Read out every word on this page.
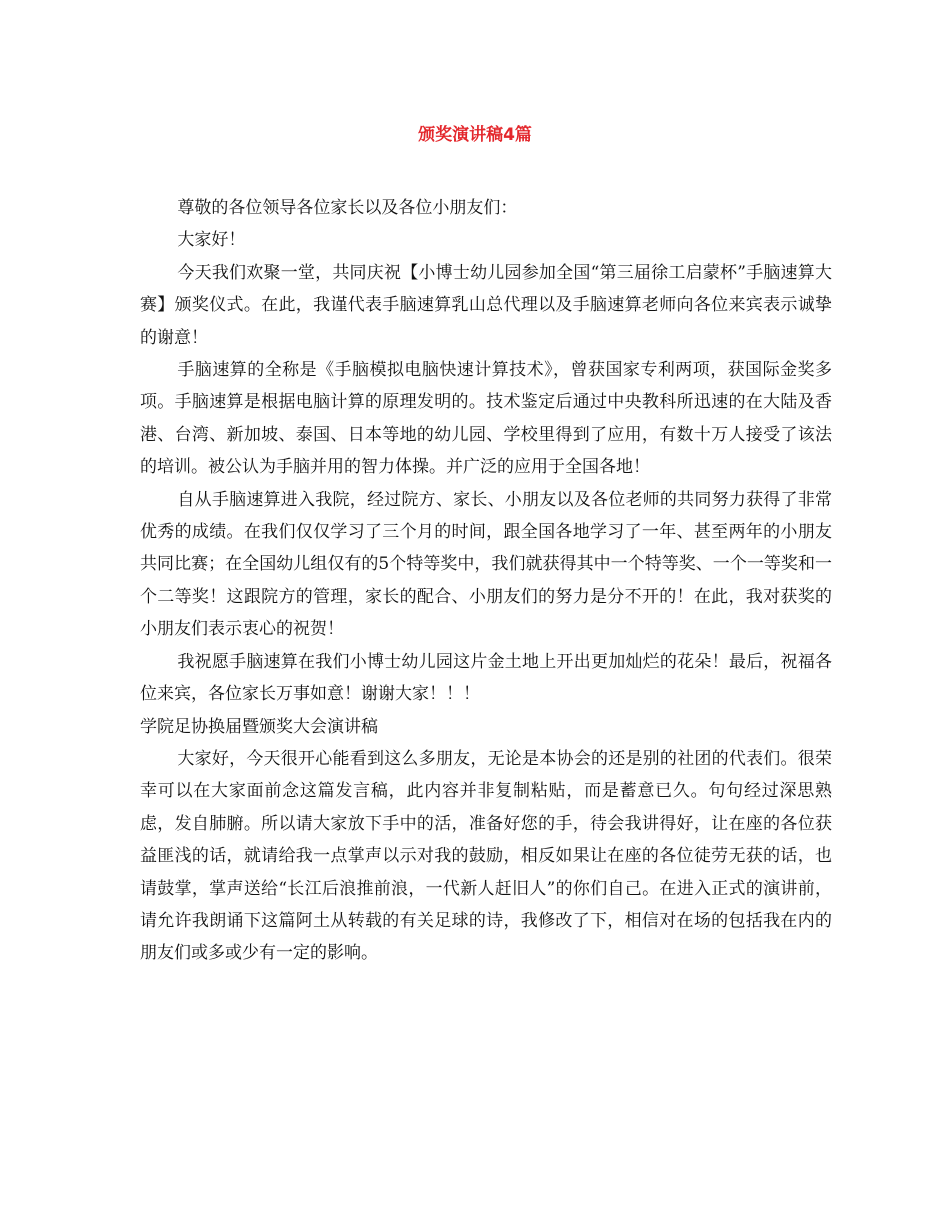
颁奖演讲稿4篇

尊敬的各位领导各位家长以及各位小朋友们：

大家好！

今天我们欢聚一堂，共同庆祝【小博士幼儿园参加全国“第三届徐工启蒙杯”手脑速算大赛】颁奖仪式。在此，我谨代表手脑速算乳山总代理以及手脑速算老师向各位来宾表示诚挚的谢意！

手脑速算的全称是《手脑模拟电脑快速计算技术》，曾获国家专利两项，获国际金奖多项。手脑速算是根据电脑计算的原理发明的。技术鉴定后通过中央教科所迅速的在大陆及香港、台湾、新加坡、泰国、日本等地的幼儿园、学校里得到了应用，有数十万人接受了该法的培训。被公认为手脑并用的智力体操。并广泛的应用于全国各地！

自从手脑速算进入我院，经过院方、家长、小朋友以及各位老师的共同努力获得了非常优秀的成绩。在我们仅仅学习了三个月的时间，跟全国各地学习了一年、甚至两年的小朋友共同比赛；在全国幼儿组仅有的5个特等奖中，我们就获得其中一个特等奖、一个一等奖和一个二等奖！这跟院方的管理，家长的配合、小朋友们的努力是分不开的！在此，我对获奖的小朋友们表示衷心的祝贺！

我祝愿手脑速算在我们小博士幼儿园这片金土地上开出更加灿烂的花朵！最后，祝福各位来宾，各位家长万事如意！谢谢大家！！！

学院足协换届暨颁奖大会演讲稿

大家好，今天很开心能看到这么多朋友，无论是本协会的还是别的社团的代表们。很荣幸可以在大家面前念这篇发言稿，此内容并非复制粘贴，而是蓄意已久。句句经过深思熟虑，发自肺腑。所以请大家放下手中的活，准备好您的手，待会我讲得好，让在座的各位获益匪浅的话，就请给我一点掌声以示对我的鼓励，相反如果让在座的各位徒劳无获的话，也请鼓掌，掌声送给“长江后浪推前浪，一代新人赶旧人”的你们自己。在进入正式的演讲前，请允许我朗诵下这篇阿土从转载的有关足球的诗，我修改了下，相信对在场的包括我在内的朋友们或多或少有一定的影响。
